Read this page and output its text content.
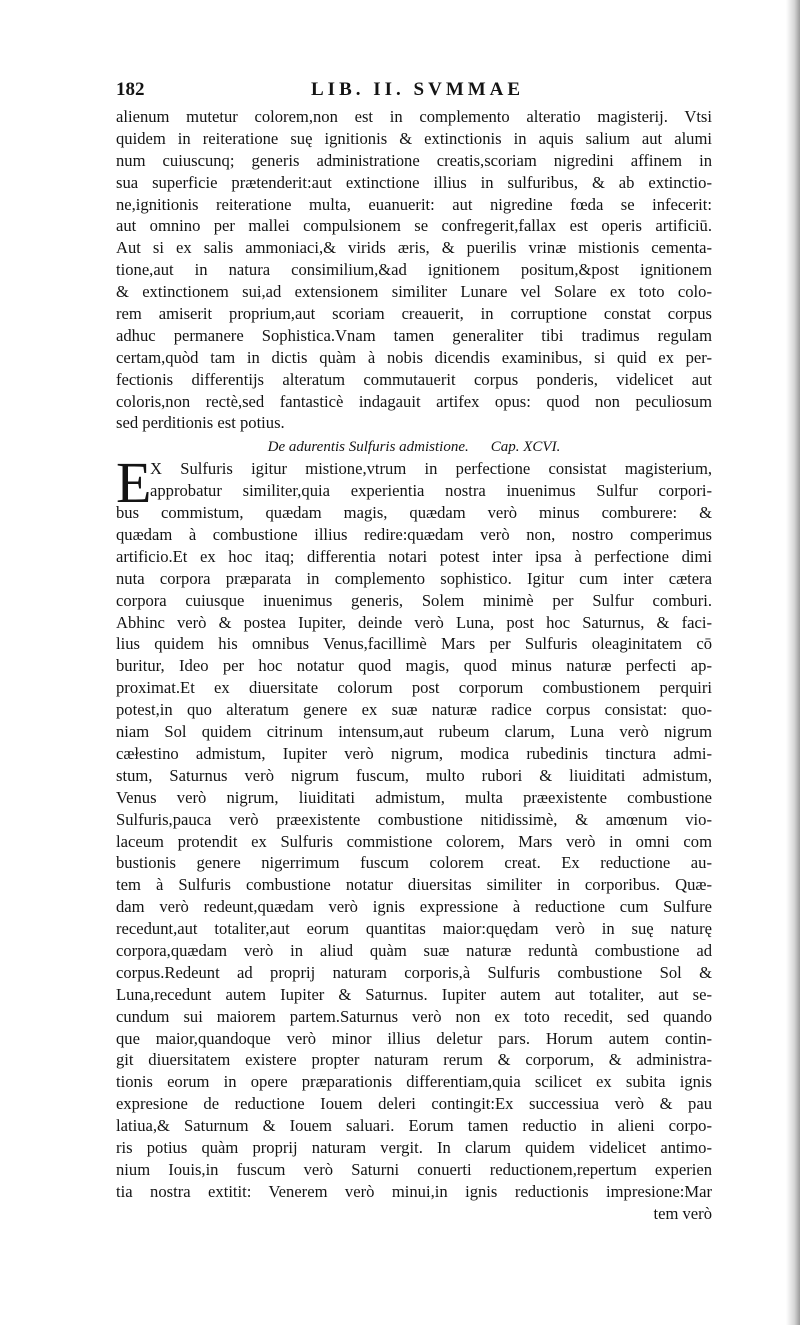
182	LIB. II. SVMMAE
alienum mutetur colorem,non est in complemento alteratio magisterij. Vtsi
quidem in reiteratione suę ignitionis & extinctionis in aquis salium aut alumi
num cuiuscunq; generis administratione creatis,scoriam nigredini affinem in
sua superficie prætenderit:aut extinctione illius in sulfuribus, & ab extinctio-
ne,ignitionis reiteratione multa, euanuerit: aut nigredine fœda se infecerit:
aut omnino per mallei compulsionem se confregerit,fallax est operis artificiū.
Aut si ex salis ammoniaci,& virids æris, & puerilis vrinæ mistionis cementa-
tione,aut in natura consimilium,&ad ignitionem positum,&post ignitionem
& extinctionem sui,ad extensionem similiter Lunare vel Solare ex toto colo-
rem amiserit proprium,aut scoriam creauerit, in corruptione constat corpus
adhuc permanere Sophistica.Vnam tamen generaliter tibi tradimus regulam
certam,quòd tam in dictis quàm à nobis dicendis examinibus, si quid ex per-
fectionis differentijs alteratum commutauerit corpus ponderis, videlicet aut
coloris,non rectè,sed fantasticè indagauit artifex opus: quod non peculiosum
sed perditionis est potius.
De adurentis Sulfuris admistione. Cap. XCVI.
E
X Sulfuris igitur mistione,vtrum in perfectione consistat magisterium,
approbatur similiter,quia experientia nostra inuenimus Sulfur corpori-
bus commistum, quædam magis, quædam verò minus comburere: &
quædam à combustione illius redire:quædam verò non, nostro comperimus
artificio.Et ex hoc itaq; differentia notari potest inter ipsa à perfectione dimi
nuta corpora præparata in complemento sophistico. Igitur cum inter cætera
corpora cuiusque inuenimus generis, Solem minimè per Sulfur comburi.
Abhinc verò & postea Iupiter, deinde verò Luna, post hoc Saturnus, & faci-
lius quidem his omnibus Venus,facillimè Mars per Sulfuris oleaginitatem cō
buritur, Ideo per hoc notatur quod magis, quod minus naturæ perfecti ap-
proximat.Et ex diuersitate colorum post corporum combustionem perquiri
potest,in quo alteratum genere ex suæ naturæ radice corpus consistat: quo-
niam Sol quidem citrinum intensum,aut rubeum clarum, Luna verò nigrum
cæłestino admistum, Iupiter verò nigrum, modica rubedinis tinctura admi-
stum, Saturnus verò nigrum fuscum, multo rubori & liuiditati admistum,
Venus verò nigrum, liuiditati admistum, multa præexistente combustione
Sulfuris,pauca verò præexistente combustione nitidissimè, & amœnum vio-
laceum protendit ex Sulfuris commistione colorem, Mars verò in omni com
bustionis genere nigerrimum fuscum colorem creat. Ex reductione au-
tem à Sulfuris combustione notatur diuersitas similiter in corporibus. Quæ-
dam verò redeunt,quædam verò ignis expressione à reductione cum Sulfure
recedunt,aut totaliter,aut eorum quantitas maior:quędam verò in suę naturę
corpora,quædam verò in aliud quàm suæ naturæ reduntà combustione ad
corpus.Redeunt ad proprij naturam corporis,à Sulfuris combustione Sol &
Luna,recedunt autem Iupiter & Saturnus. Iupiter autem aut totaliter, aut se-
cundum sui maiorem partem.Saturnus verò non ex toto recedit, sed quando
que maior,quandoque verò minor illius deletur pars. Horum autem contin-
git diuersitatem existere propter naturam rerum & corporum, & administra-
tionis eorum in opere præparationis differentiam,quia scilicet ex subita ignis
expresione de reductione Iouem deleri contingit:Ex successiua verò & pau
latiua,& Saturnum & Iouem saluari. Eorum tamen reductio in alieni corpo-
ris potius quàm proprij naturam vergit. In clarum quidem videlicet antimo-
nium Iouis,in fuscum verò Saturni conuerti reductionem,repertum experien
tia nostra extitit: Venerem verò minui,in ignis reductionis impresione:Mar
tem verò
